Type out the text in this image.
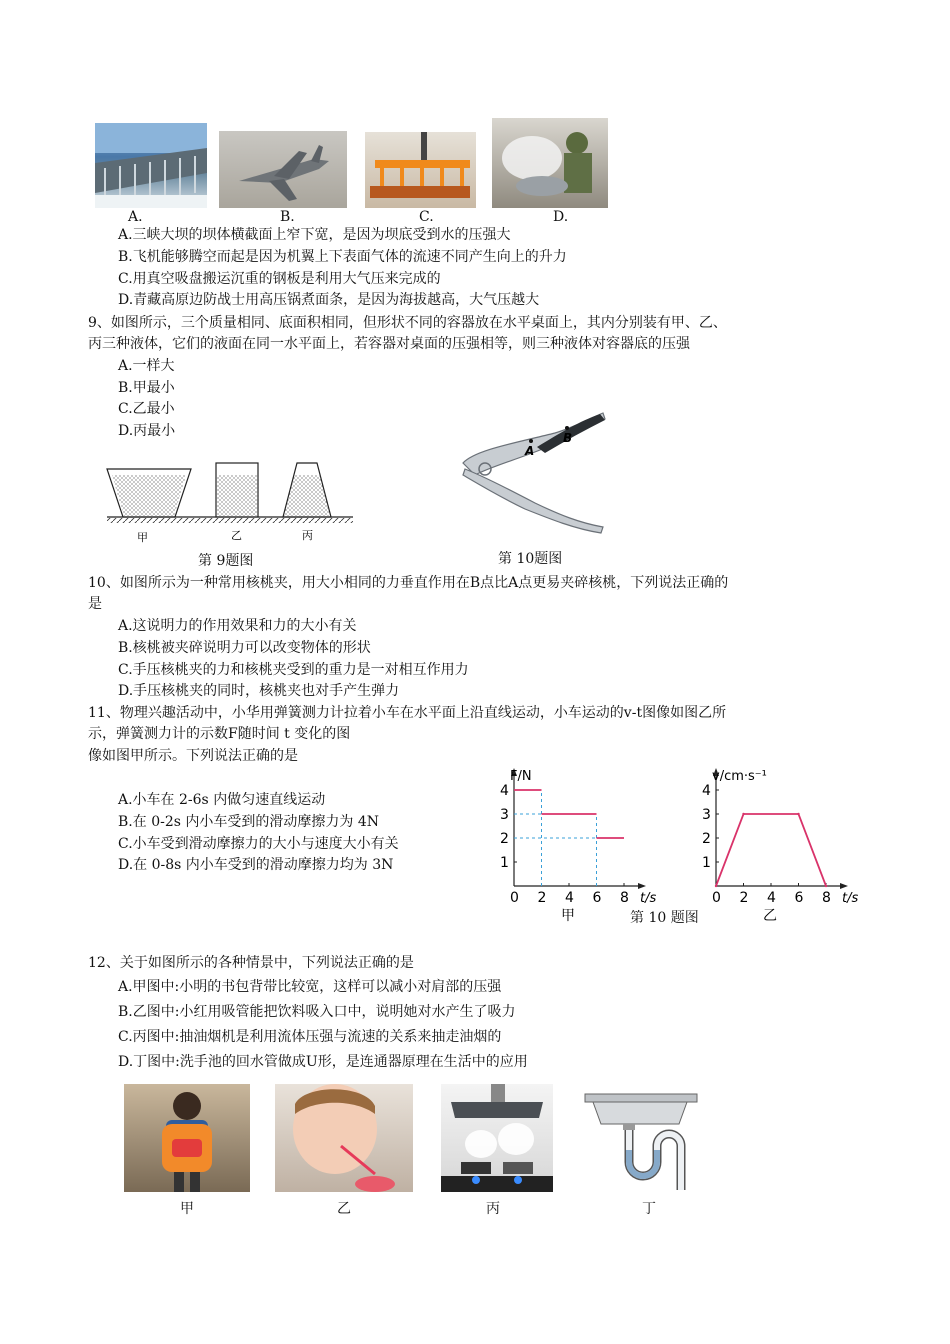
A.	B.	C.	D.
A.三峡大坝的坝体横截面上窄下宽，是因为坝底受到水的压强大
B.飞机能够腾空而起是因为机翼上下表面气体的流速不同产生向上的升力
C.用真空吸盘搬运沉重的钢板是利用大气压来完成的
D.青藏高原边防战士用高压锅煮面条，是因为海拔越高，大气压越大
9、如图所示，三个质量相同、底面积相同，但形状不同的容器放在水平桌面上，其内分别装有甲、乙、
丙三种液体，它们的液面在同一水平面上，若容器对桌面的压强相等，则三种液体对容器底的压强
A.一样大
B.甲最小
C.乙最小
D.丙最小
甲	乙	丙
第 9题图
A
B
第 10题图
10、如图所示为一种常用核桃夹，用大小相同的力垂直作用在B点比A点更易夹碎核桃，下列说法正确的
是
A.这说明力的作用效果和力的大小有关
B.核桃被夹碎说明力可以改变物体的形状
C.手压核桃夹的力和核桃夹受到的重力是一对相互作用力
D.手压核桃夹的同时，核桃夹也对手产生弹力
11、物理兴趣活动中，小华用弹簧测力计拉着小车在水平面上沿直线运动，小车运动的v-t图像如图乙所
示，弹簧测力计的示数F随时间 t 变化的图
像如图甲所示。下列说法正确的是
A.小车在 2-6s 内做匀速直线运动
B.在 0-2s 内小车受到的滑动摩擦力为 4N
C.小车受到滑动摩擦力的大小与速度大小有关
D.在 0-8s 内小车受到的滑动摩擦力均为 3N
0 2 4 6 8
1
2
3
4
t/s
F/N
甲
0 2 4 6 8
1
2
3
4
t/s
v/cm·s⁻¹
乙
第 10 题图
12、关于如图所示的各种情景中，下列说法正确的是
A.甲图中:小明的书包背带比较宽，这样可以减小对肩部的压强
B.乙图中:小红用吸管能把饮料吸入口中，说明她对水产生了吸力
C.丙图中:抽油烟机是利用流体压强与流速的关系来抽走油烟的
D.丁图中:洗手池的回水管做成U形，是连通器原理在生活中的应用
甲	乙	丙	丁
